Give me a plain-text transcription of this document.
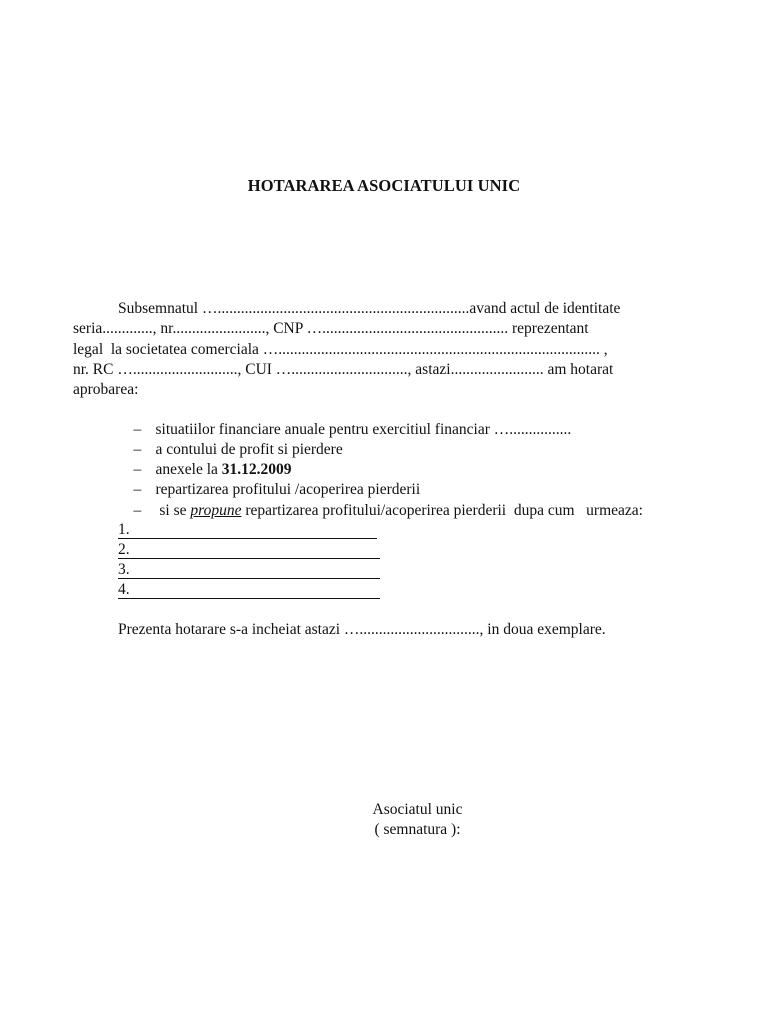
HOTARAREA ASOCIATULUI UNIC
Subsemnatul ….................................................................avand actul de identitate
seria............., nr........................, CNP …................................................ reprezentant
legal  la societatea comerciala …................................................................................... ,
nr. RC …..........................., CUI ….............................., astazi........................ am hotarat
aprobarea:

– situatiilor financiare anuale pentru exercitiul financiar …................

– a contului de profit si pierdere

– anexele la 31.12.2009

– repartizarea profitului /acoperirea pierderii

– si se propune repartizarea profitului/acoperirea pierderii  dupa cum   urmeaza:

1.
2.
3.
4.
Prezenta hotarare s-a incheiat astazi …..............................., in doua exemplare.
Asociatul unic
( semnatura ):
